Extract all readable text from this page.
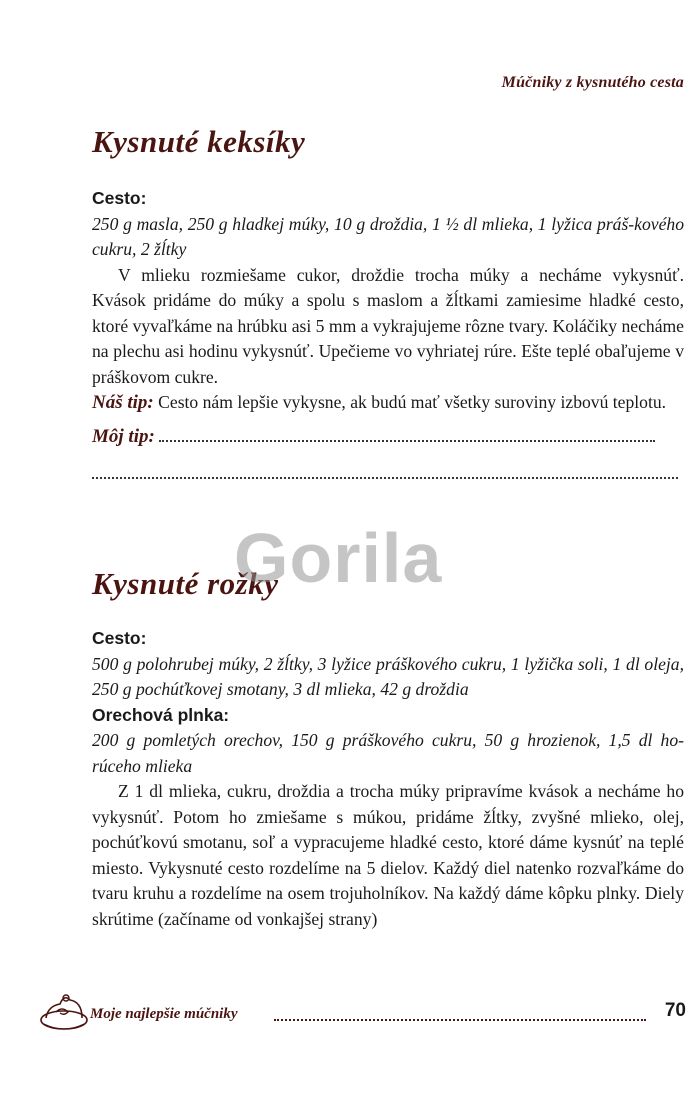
Múčniky z kysnutého cesta
Kysnuté keksíky
Cesto:
250 g masla, 250 g hladkej múky, 10 g droždia, 1 ½ dl mlieka, 1 lyžica práš-kového cukru, 2 žĺtky
V mlieku rozmiešame cukor, droždie trocha múky a necháme vykysnúť. Kvások pridáme do múky a spolu s maslom a žĺtkami zamiesime hladké cesto, ktoré vyvaľkáme na hrúbku asi 5 mm a vykrajujeme rôzne tvary. Koláčiky necháme na plechu asi hodinu vykysnúť. Upečieme vo vyhriatej rúre. Ešte teplé obaľujeme v práškovom cukre.
Náš tip: Cesto nám lepšie vykysne, ak budú mať všetky suroviny izbovú teplotu.
Môj tip:
Kysnuté rožky
Cesto:
500 g polohrubej múky, 2 žĺtky, 3 lyžice práškového cukru, 1 lyžička soli, 1 dl oleja, 250 g pochúťkovej smotany, 3 dl mlieka, 42 g droždia
Orechová plnka:
200 g pomletých orechov, 150 g práškového cukru, 50 g hrozienok, 1,5 dl ho-rúceho mlieka
Z 1 dl mlieka, cukru, droždia a trocha múky pripravíme kvások a necháme ho vykysnúť. Potom ho zmiešame s múkou, pridáme žĺtky, zvyšné mlieko, olej, pochúťkovú smotanu, soľ a vypracujeme hladké cesto, ktoré dáme kysnúť na teplé miesto. Vykysnuté cesto rozdelíme na 5 dielov. Každý diel natenko rozvaľkáme do tvaru kruhu a rozdelíme na osem trojuholníkov. Na každý dáme kôpku plnky. Diely skrútime (začíname od vonkajšej strany)
Gorila
Moje najlepšie múčniky	70
